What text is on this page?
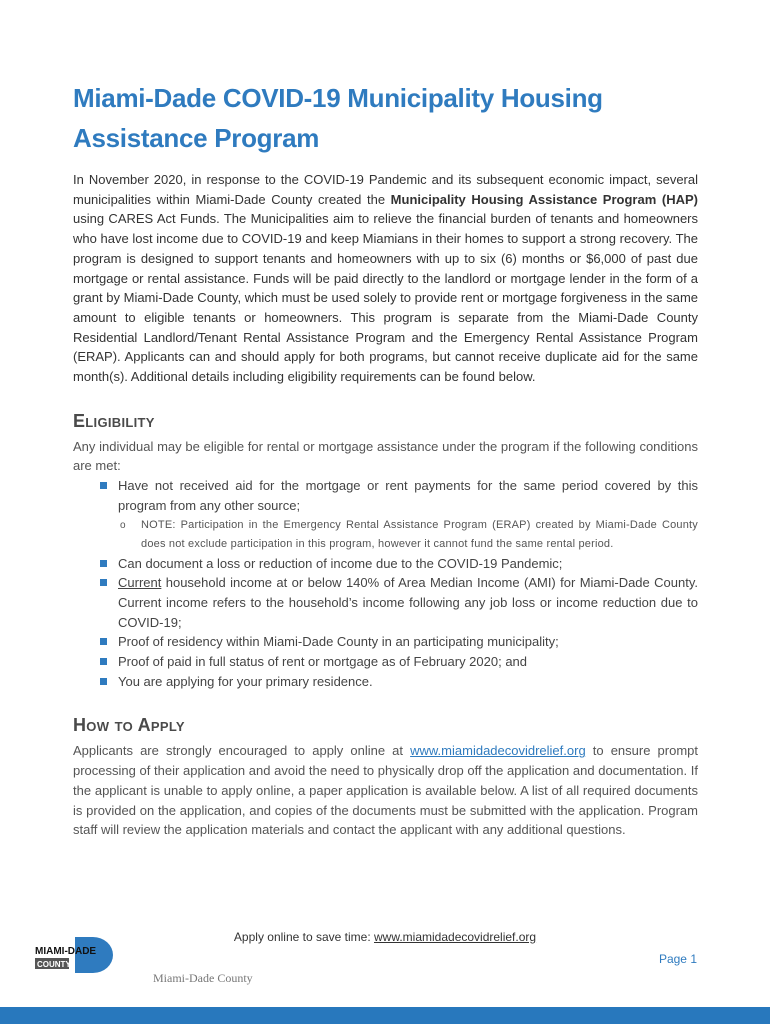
Miami-Dade COVID-19 Municipality Housing Assistance Program

In November 2020, in response to the COVID-19 Pandemic and its subsequent economic impact, several municipalities within Miami-Dade County created the Municipality Housing Assistance Program (HAP) using CARES Act Funds. The Municipalities aim to relieve the financial burden of tenants and homeowners who have lost income due to COVID-19 and keep Miamians in their homes to support a strong recovery. The program is designed to support tenants and homeowners with up to six (6) months or $6,000 of past due mortgage or rental assistance. Funds will be paid directly to the landlord or mortgage lender in the form of a grant by Miami-Dade County, which must be used solely to provide rent or mortgage forgiveness in the same amount to eligible tenants or homeowners. This program is separate from the Miami-Dade County Residential Landlord/Tenant Rental Assistance Program and the Emergency Rental Assistance Program (ERAP). Applicants can and should apply for both programs, but cannot receive duplicate aid for the same month(s). Additional details including eligibility requirements can be found below.

Eligibility

Any individual may be eligible for rental or mortgage assistance under the program if the following conditions are met:

Have not received aid for the mortgage or rent payments for the same period covered by this program from any other source;
o NOTE: Participation in the Emergency Rental Assistance Program (ERAP) created by Miami-Dade County does not exclude participation in this program, however it cannot fund the same rental period.
Can document a loss or reduction of income due to the COVID-19 Pandemic;
Current household income at or below 140% of Area Median Income (AMI) for Miami-Dade County. Current income refers to the household’s income following any job loss or income reduction due to COVID-19;
Proof of residency within Miami-Dade County in an participating municipality;
Proof of paid in full status of rent or mortgage as of February 2020; and
You are applying for your primary residence.
How to Apply

Applicants are strongly encouraged to apply online at www.miamidadecovidrelief.org to ensure prompt processing of their application and avoid the need to physically drop off the application and documentation. If the applicant is unable to apply online, a paper application is available below. A list of all required documents is provided on the application, and copies of the documents must be submitted with the application. Program staff will review the application materials and contact the applicant with any additional questions.

Apply online to save time: www.miamidadecovidrelief.org
MIAMI-DADE
COUNTY	Page 1
Miami-Dade County
